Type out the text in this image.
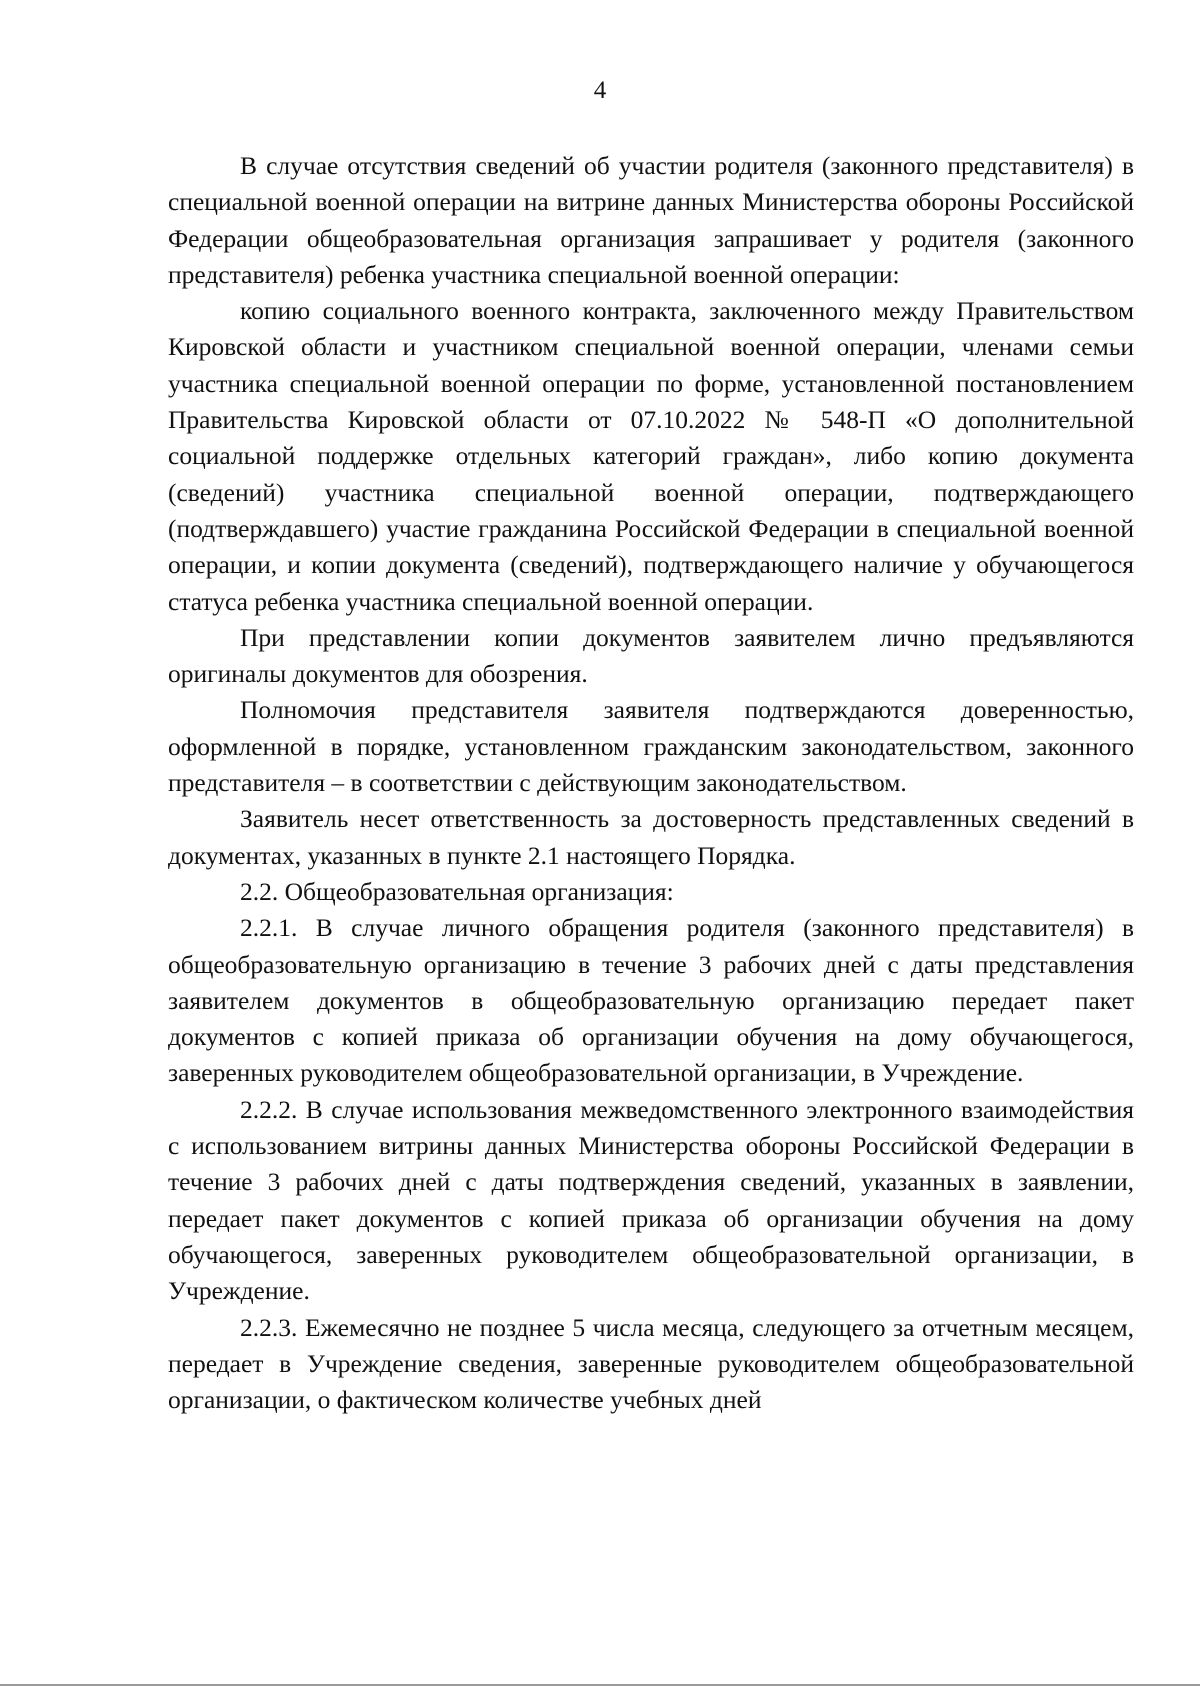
4

В случае отсутствия сведений об участии родителя (законного представителя) в специальной военной операции на витрине данных Министерства обороны Российской Федерации общеобразовательная организация запрашивает у родителя (законного представителя) ребенка участника специальной военной операции:

копию социального военного контракта, заключенного между Правительством Кировской области и участником специальной военной операции, членами семьи участника специальной военной операции по форме, установленной постановлением Правительства Кировской области от 07.10.2022 № 548-П «О дополнительной социальной поддержке отдельных категорий граждан», либо копию документа (сведений) участника специальной военной операции, подтверждающего (подтверждавшего) участие гражданина Российской Федерации в специальной военной операции, и копии документа (сведений), подтверждающего наличие у обучающегося статуса ребенка участника специальной военной операции.

При представлении копии документов заявителем лично предъявляются оригиналы документов для обозрения.

Полномочия представителя заявителя подтверждаются доверенностью, оформленной в порядке, установленном гражданским законодательством, законного представителя – в соответствии с действующим законодательством.

Заявитель несет ответственность за достоверность представленных сведений в документах, указанных в пункте 2.1 настоящего Порядка.

2.2. Общеобразовательная организация:

2.2.1. В случае личного обращения родителя (законного представителя) в общеобразовательную организацию в течение 3 рабочих дней с даты представления заявителем документов в общеобразовательную организацию передает пакет документов с копией приказа об организации обучения на дому обучающегося, заверенных руководителем общеобразовательной организации, в Учреждение.

2.2.2. В случае использования межведомственного электронного взаимодействия с использованием витрины данных Министерства обороны Российской Федерации в течение 3 рабочих дней с даты подтверждения сведений, указанных в заявлении, передает пакет документов с копией приказа об организации обучения на дому обучающегося, заверенных руководителем общеобразовательной организации, в Учреждение.

2.2.3. Ежемесячно не позднее 5 числа месяца, следующего за отчетным месяцем, передает в Учреждение сведения, заверенные руководителем общеобразовательной организации, о фактическом количестве учебных дней
